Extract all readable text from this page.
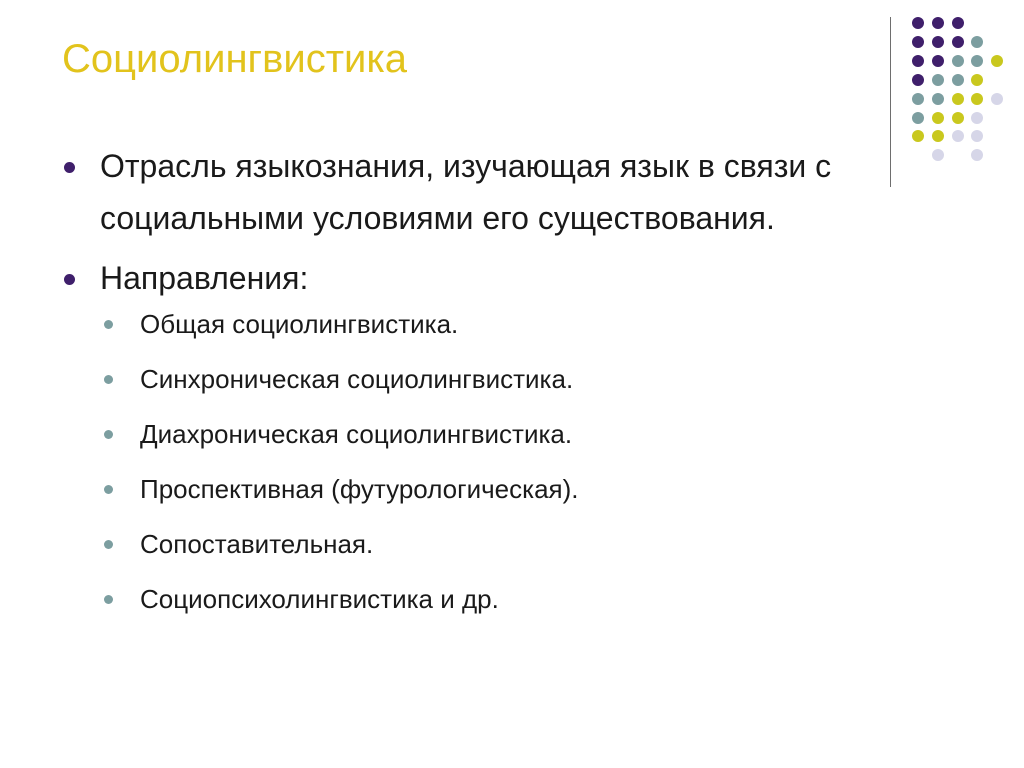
Социолингвистика
Отрасль языкознания, изучающая язык в связи с социальными условиями его существования.
Направления:
Общая социолингвистика.
Синхроническая социолингвистика.
Диахроническая социолингвистика.
Проспективная (футурологическая).
Сопоставительная.
Социопсихолингвистика и др.
